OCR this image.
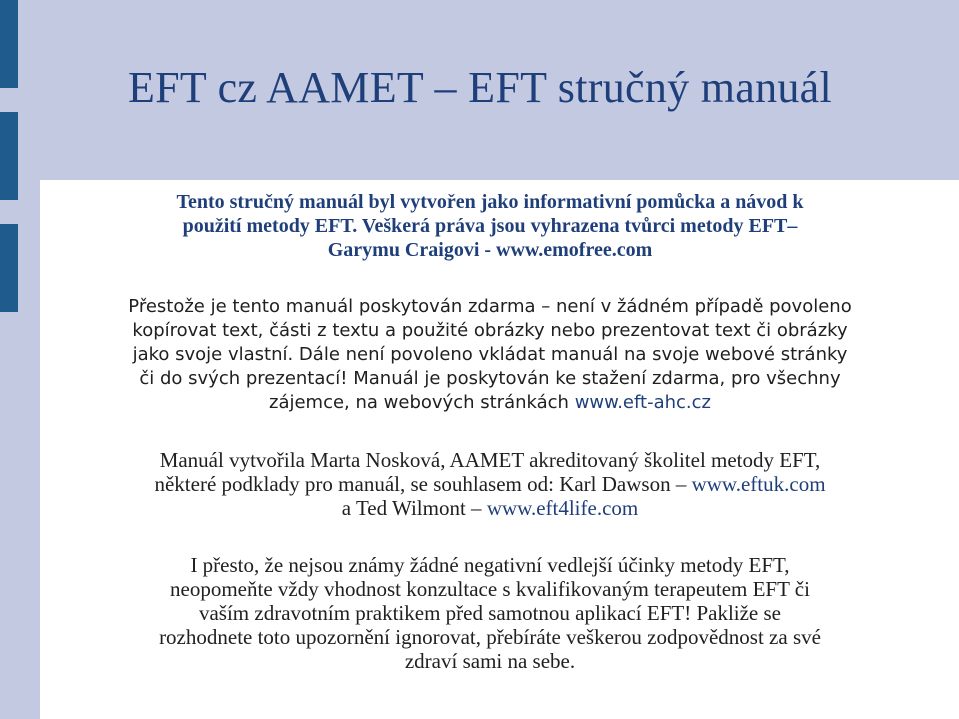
EFT cz AAMET – EFT stručný manuál
Tento stručný manuál byl vytvořen jako informativní pomůcka a návod k
použití metody EFT. Veškerá práva jsou vyhrazena tvůrci metody EFT–
Garymu Craigovi - www.emofree.com
Přestože je tento manuál poskytován zdarma – není v žádném případě povoleno
kopírovat text, části z textu a použité obrázky nebo prezentovat text či obrázky
jako svoje vlastní. Dále není povoleno vkládat manuál na svoje webové stránky
či do svých prezentací! Manuál je poskytován ke stažení zdarma, pro všechny
zájemce, na webových stránkách www.eft-ahc.cz
Manuál vytvořila Marta Nosková, AAMET akreditovaný školitel metody EFT,
některé podklady pro manuál, se souhlasem od: Karl Dawson – www.eftuk.com
a Ted Wilmont – www.eft4life.com
I přesto, že nejsou známy žádné negativní vedlejší účinky metody EFT,
neopomeňte vždy vhodnost konzultace s kvalifikovaným terapeutem EFT či
vaším zdravotním praktikem před samotnou aplikací EFT! Pakliže se
rozhodnete toto upozornění ignorovat, přebíráte veškerou zodpovědnost za své
zdraví sami na sebe.
